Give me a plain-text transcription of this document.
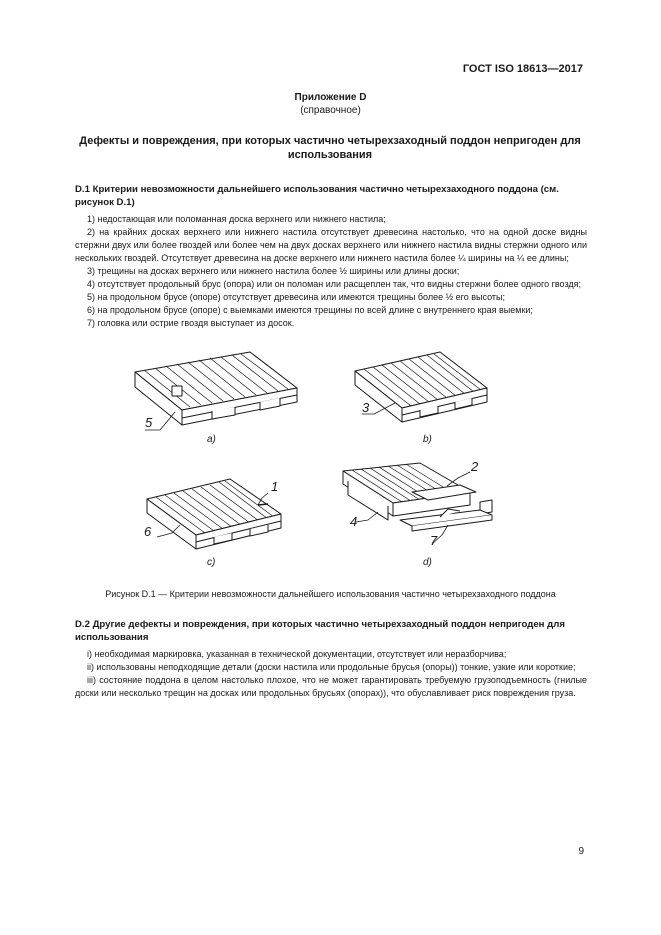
ГОСТ ISO 18613—2017
Приложение D
(справочное)
Дефекты и повреждения, при которых частично четырехзаходный поддон непригоден для использования
D.1 Критерии невозможности дальнейшего использования частично четырехзаходного поддона (см. рисунок D.1)

1) недостающая или поломанная доска верхнего или нижнего настила;

2) на крайних досках верхнего или нижнего настила отсутствует древесина настолько, что на одной доске видны стержни двух или более гвоздей или более чем на двух досках верхнего или нижнего настила видны стержни одного или нескольких гвоздей. Отсутствует древесина на доске верхнего или нижнего настила более ¼ ширины на ¼ ее длины;

3) трещины на досках верхнего или нижнего настила более ½ ширины или длины доски;

4) отсутствует продольный брус (опора) или он поломан или расщеплен так, что видны стержни более одного гвоздя;

5) на продольном брусе (опоре) отсутствует древесина или имеются трещины более ½ его высоты;

6) на продольном брусе (опоре) с выемками имеются трещины по всей длине с внутреннего края выемки;

7) головка или острие гвоздя выступает из досок.

5
3
1
6
2
4
7
a)	b)
c)	d)
Рисунок D.1 — Критерии невозможности дальнейшего использования частично четырехзаходного поддона
D.2 Другие дефекты и повреждения, при которых частично четырехзаходный поддон непригоден для использования

i) необходимая маркировка, указанная в технической документации, отсутствует или неразборчива;

ii) использованы неподходящие детали (доски настила или продольные брусья (опоры)) тонкие, узкие или короткие;

iii) состояние поддона в целом настолько плохое, что не может гарантировать требуемую грузоподъемность (гнилые доски или несколько трещин на досках или продольных брусьях (опорах)), что обуславливает риск повреждения груза.

9
